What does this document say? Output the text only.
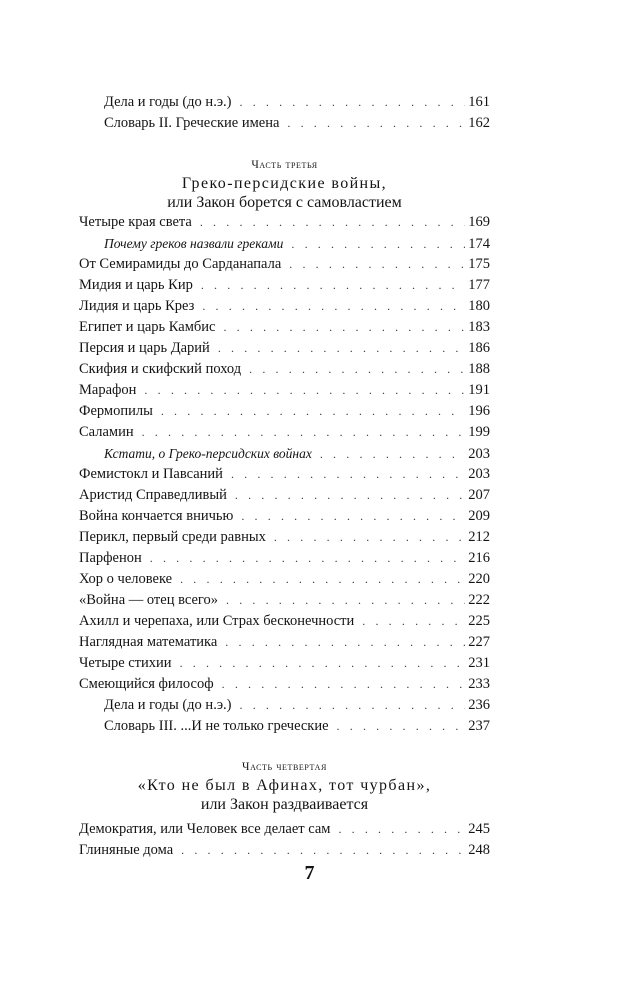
Дела и годы (до н.э.) . . .	161
Словарь II. Греческие имена . . .	162
Часть третья
Греко-персидские войны,
или Закон борется с самовластием
Четыре края света . . .	169
Почему греков назвали греками . . .	174
От Семирамиды до Сарданапала . . .	175
Мидия и царь Кир . . .	177
Лидия и царь Крез . . .	180
Египет и царь Камбис . . .	183
Персия и царь Дарий . . .	186
Скифия и скифский поход . . .	188
Марафон . . .	191
Фермопилы . . .	196
Саламин . . .	199
Кстати, о Греко-персидских войнах . . .	203
Фемистокл и Павсаний . . .	203
Аристид Справедливый . . .	207
Война кончается вничью . . .	209
Перикл, первый среди равных . . .	212
Парфенон . . .	216
Хор о человеке . . .	220
«Война — отец всего» . . .	222
Ахилл и черепаха, или Страх бесконечности . . .	225
Наглядная математика . . .	227
Четыре стихии . . .	231
Смеющийся философ . . .	233
Дела и годы (до н.э.) . . .	236
Словарь III. ...И не только греческие . . .	237
Часть четвертая
«Кто не был в Афинах, тот чурбан»,
или Закон раздваивается
Демократия, или Человек все делает сам . . .	245
Глиняные дома . . .	248
7
